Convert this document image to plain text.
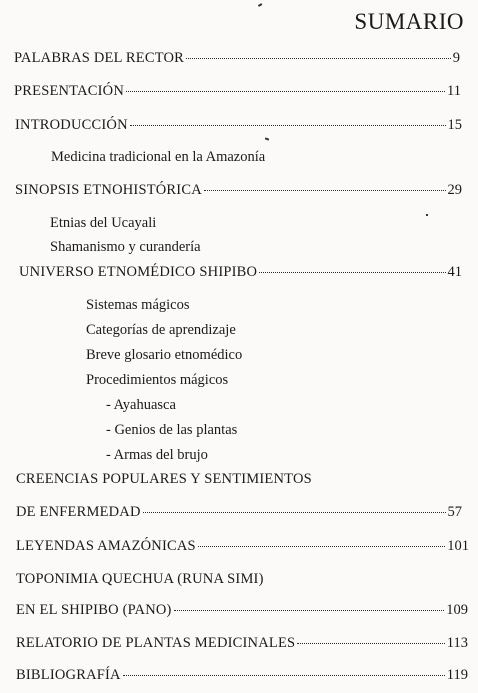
SUMARIO
PALABRAS DEL RECTOR	9
PRESENTACIÓN	11
INTRODUCCIÓN	15
Medicina tradicional en la Amazonía
SINOPSIS ETNOHISTÓRICA	29
Etnias del Ucayali
Shamanismo y curandería
UNIVERSO ETNOMÉDICO SHIPIBO	41
Sistemas mágicos
Categorías de aprendizaje
Breve glosario etnomédico
Procedimientos mágicos
- Ayahuasca
- Genios de las plantas
- Armas del brujo
CREENCIAS POPULARES Y SENTIMIENTOS
DE ENFERMEDAD	57
LEYENDAS AMAZÓNICAS	101
TOPONIMIA QUECHUA (RUNA SIMI)
EN EL SHIPIBO (PANO)	109
RELATORIO DE PLANTAS MEDICINALES	113
BIBLIOGRAFÍA	119
